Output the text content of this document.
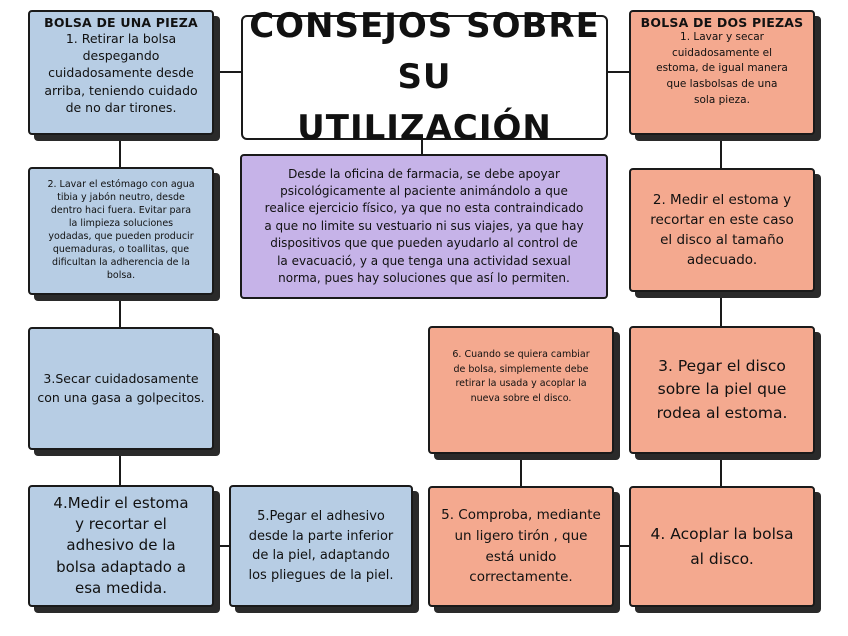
CONSEJOS SOBRE SU
UTILIZACIÓN
BOLSA DE UNA PIEZA
1. Retirar la bolsa
despegando
cuidadosamente desde
arriba, teniendo cuidado
de no dar tirones.
2. Lavar el estómago con agua
tibia y jabón neutro, desde
dentro haci fuera. Evitar para
la limpieza soluciones
yodadas, que pueden producir
quemaduras, o toallitas, que
dificultan la adherencia de la
bolsa.
3.Secar cuidadosamente
con una gasa a golpecitos.
4.Medir el estoma
y recortar el
adhesivo de la
bolsa adaptado a
esa medida.
5.Pegar el adhesivo
desde la parte inferior
de la piel, adaptando
los pliegues de la piel.
Desde la oficina de farmacia, se debe apoyar
psicológicamente al paciente animándolo a que
realice ejercicio físico, ya que no esta contraindicado
a que no limite su vestuario ni sus viajes, ya que hay
dispositivos que que pueden ayudarlo al control de
la evacuació, y a que tenga una actividad sexual
norma, pues hay soluciones que así lo permiten.
BOLSA DE DOS PIEZAS
1. Lavar y secar
cuidadosamente el
estoma, de igual manera
que lasbolsas de una
sola pieza.
2. Medir el estoma y
recortar en este caso
el disco al tamaño
adecuado.
3. Pegar el disco
sobre la piel que
rodea al estoma.
4. Acoplar la bolsa
al disco.
5. Comproba, mediante
un ligero tirón , que
está unido
correctamente.
6. Cuando se quiera cambiar
de bolsa, simplemente debe
retirar la usada y acoplar la
nueva sobre el disco.
